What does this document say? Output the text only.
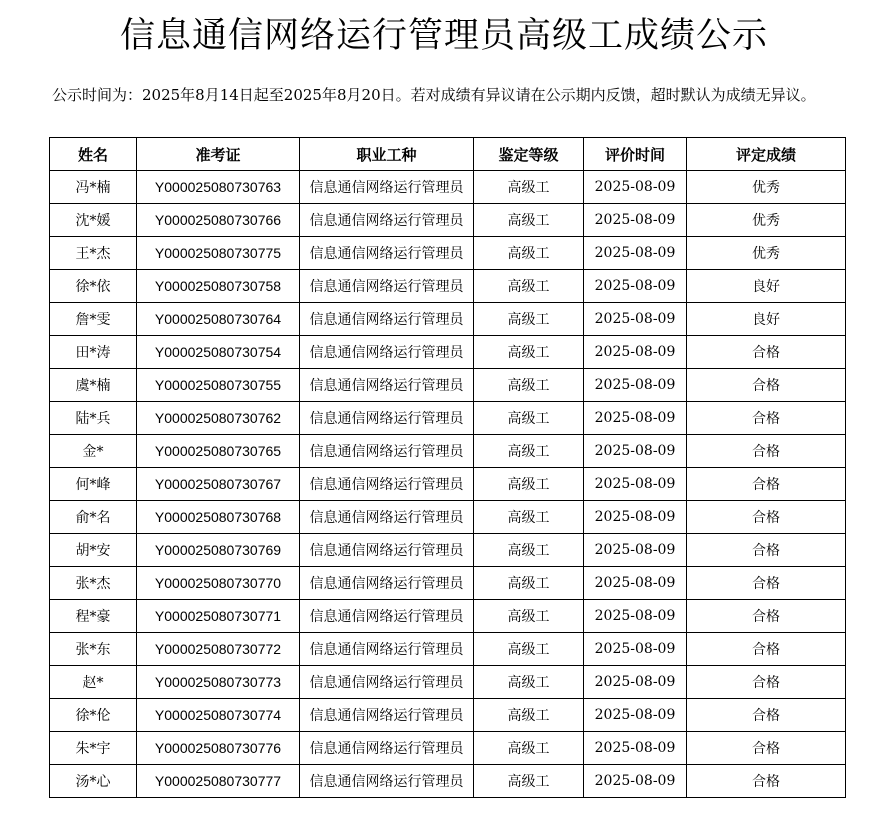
信息通信网络运行管理员高级工成绩公示

公示时间为：2025年8月14日起至2025年8月20日。若对成绩有异议请在公示期内反馈，超时默认为成绩无异议。

姓名	准考证	职业工种	鉴定等级	评价时间	评定成绩
冯*楠	Y000025080730763	信息通信网络运行管理员	高级工	2025-08-09	优秀
沈*媛	Y000025080730766	信息通信网络运行管理员	高级工	2025-08-09	优秀
王*杰	Y000025080730775	信息通信网络运行管理员	高级工	2025-08-09	优秀
徐*依	Y000025080730758	信息通信网络运行管理员	高级工	2025-08-09	良好
詹*雯	Y000025080730764	信息通信网络运行管理员	高级工	2025-08-09	良好
田*涛	Y000025080730754	信息通信网络运行管理员	高级工	2025-08-09	合格
虞*楠	Y000025080730755	信息通信网络运行管理员	高级工	2025-08-09	合格
陆*兵	Y000025080730762	信息通信网络运行管理员	高级工	2025-08-09	合格
金*	Y000025080730765	信息通信网络运行管理员	高级工	2025-08-09	合格
何*峰	Y000025080730767	信息通信网络运行管理员	高级工	2025-08-09	合格
俞*名	Y000025080730768	信息通信网络运行管理员	高级工	2025-08-09	合格
胡*安	Y000025080730769	信息通信网络运行管理员	高级工	2025-08-09	合格
张*杰	Y000025080730770	信息通信网络运行管理员	高级工	2025-08-09	合格
程*豪	Y000025080730771	信息通信网络运行管理员	高级工	2025-08-09	合格
张*东	Y000025080730772	信息通信网络运行管理员	高级工	2025-08-09	合格
赵*	Y000025080730773	信息通信网络运行管理员	高级工	2025-08-09	合格
徐*伦	Y000025080730774	信息通信网络运行管理员	高级工	2025-08-09	合格
朱*宇	Y000025080730776	信息通信网络运行管理员	高级工	2025-08-09	合格
汤*心	Y000025080730777	信息通信网络运行管理员	高级工	2025-08-09	合格
